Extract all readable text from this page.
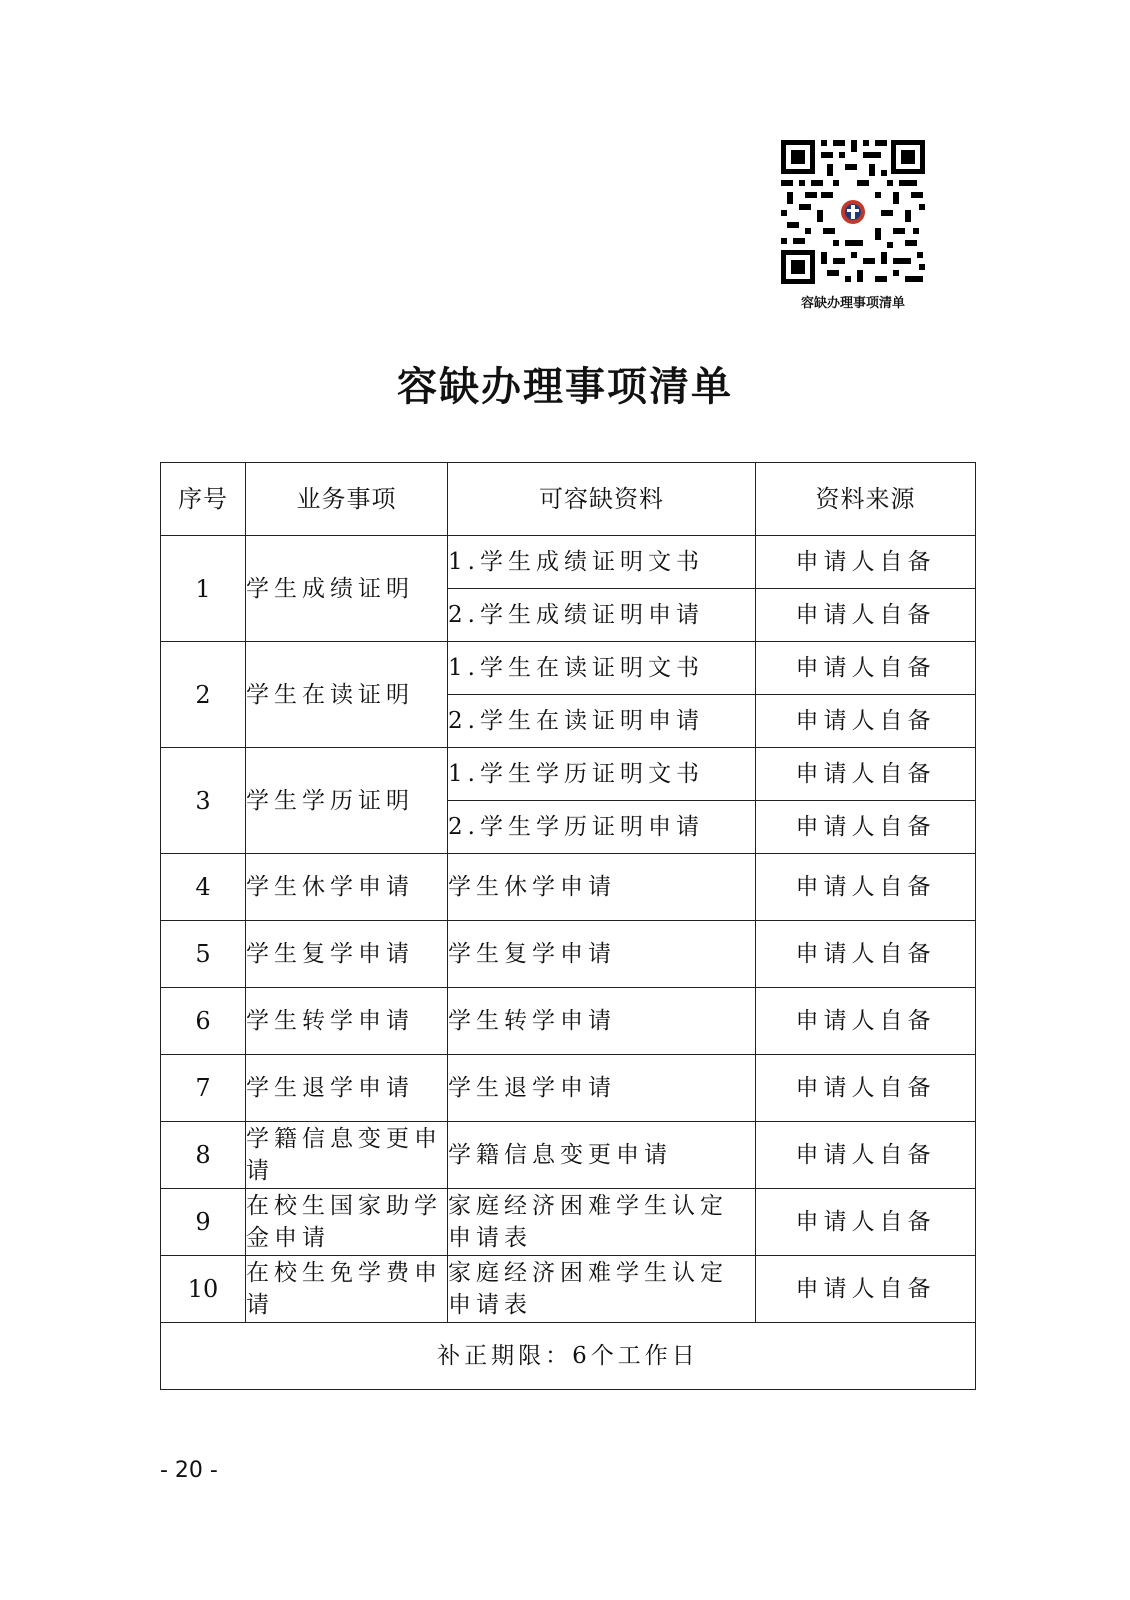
容缺办理事项清单
容缺办理事项清单
序号	业务事项	可容缺资料	资料来源
1	学生成绩证明	1.学生成绩证明文书	申请人自备
		2.学生成绩证明申请	申请人自备
2	学生在读证明	1.学生在读证明文书	申请人自备
		2.学生在读证明申请	申请人自备
3	学生学历证明	1.学生学历证明文书	申请人自备
		2.学生学历证明申请	申请人自备
4	学生休学申请	学生休学申请	申请人自备
5	学生复学申请	学生复学申请	申请人自备
6	学生转学申请	学生转学申请	申请人自备
7	学生退学申请	学生退学申请	申请人自备
8	学籍信息变更申请	学籍信息变更申请	申请人自备
9	在校生国家助学金申请	家庭经济困难学生认定申请表	申请人自备
10	在校生免学费申请	家庭经济困难学生认定申请表	申请人自备
补正期限：6个工作日			
- 20 -
